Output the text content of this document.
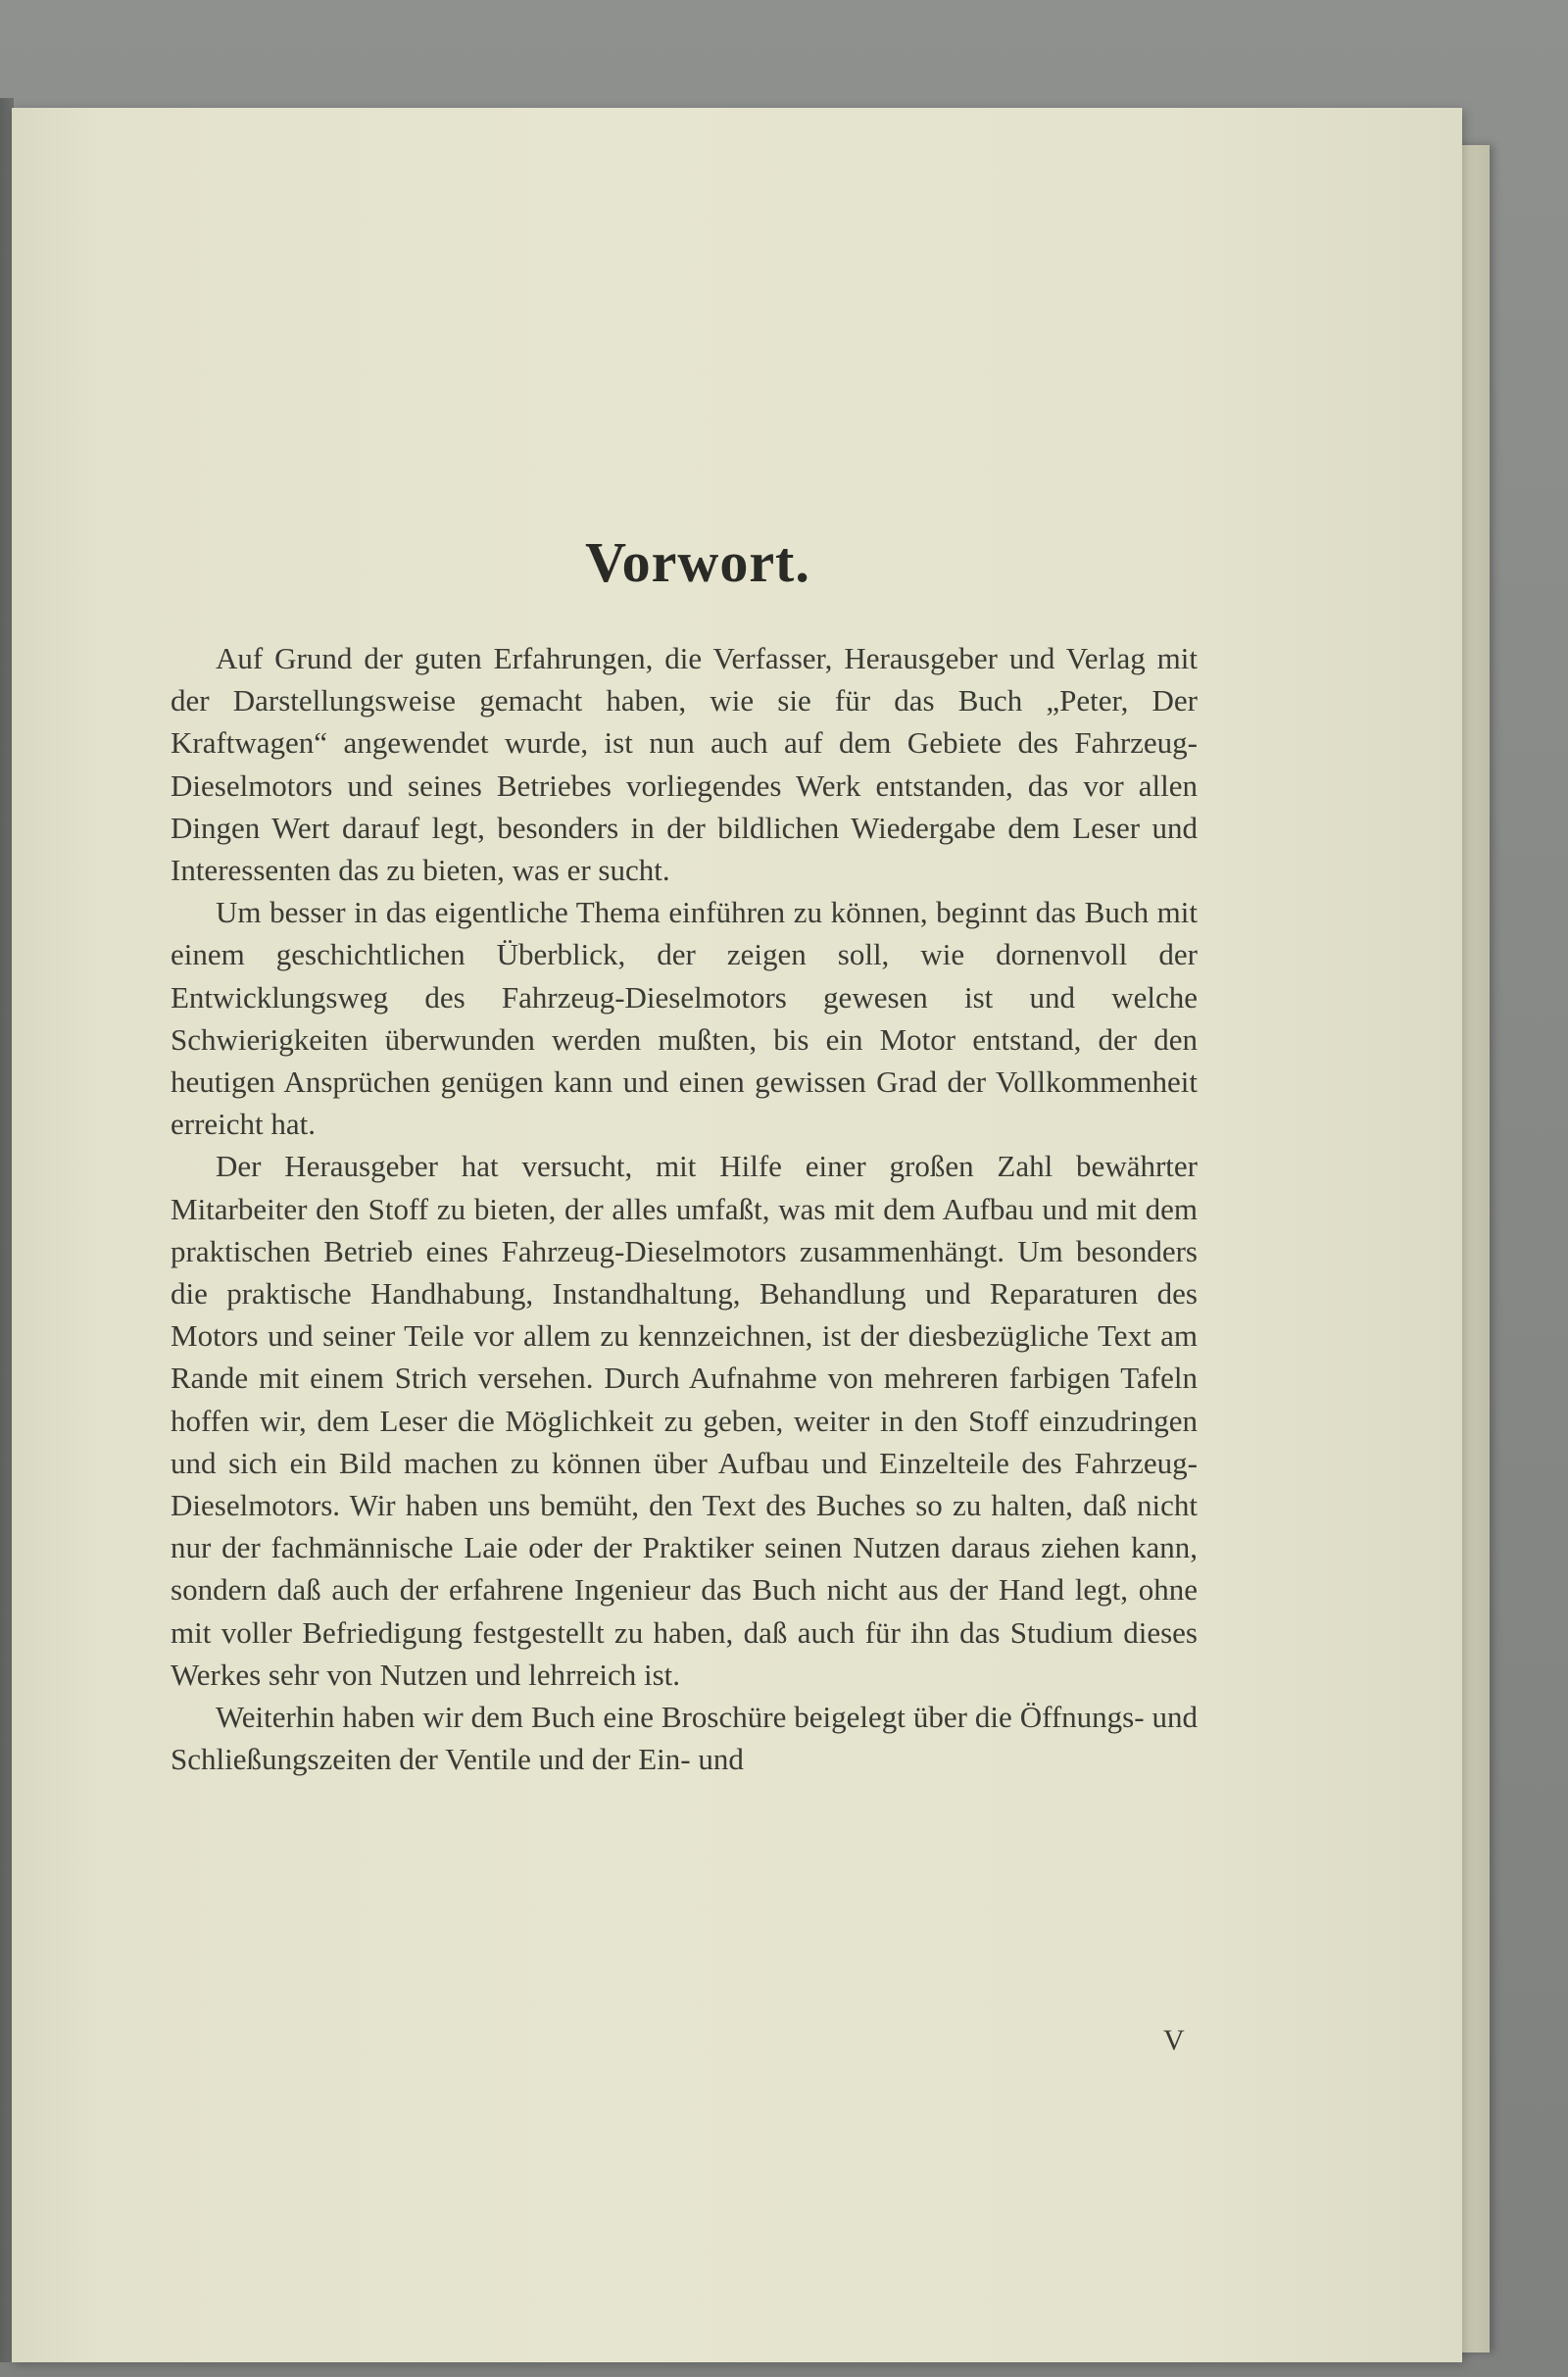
Vorwort.

Auf Grund der guten Erfahrungen, die Verfasser, Herausgeber und Verlag mit der Darstellungsweise gemacht haben, wie sie für das Buch „Peter, Der Kraftwagen“ angewendet wurde, ist nun auch auf dem Gebiete des Fahrzeug-Dieselmotors und seines Betriebes vorliegendes Werk entstanden, das vor allen Dingen Wert darauf legt, besonders in der bildlichen Wiedergabe dem Leser und Interessenten das zu bieten, was er sucht.

Um besser in das eigentliche Thema einführen zu können, beginnt das Buch mit einem geschichtlichen Überblick, der zeigen soll, wie dornenvoll der Entwicklungsweg des Fahrzeug-Dieselmotors gewesen ist und welche Schwierigkeiten überwunden werden mußten, bis ein Motor entstand, der den heutigen Ansprüchen genügen kann und einen gewissen Grad der Vollkommenheit erreicht hat.

Der Herausgeber hat versucht, mit Hilfe einer großen Zahl bewährter Mitarbeiter den Stoff zu bieten, der alles umfaßt, was mit dem Aufbau und mit dem praktischen Betrieb eines Fahrzeug-Dieselmotors zusammenhängt. Um besonders die praktische Handhabung, Instandhaltung, Behandlung und Reparaturen des Motors und seiner Teile vor allem zu kennzeichnen, ist der diesbezügliche Text am Rande mit einem Strich versehen. Durch Aufnahme von mehreren farbigen Tafeln hoffen wir, dem Leser die Möglichkeit zu geben, weiter in den Stoff einzudringen und sich ein Bild machen zu können über Aufbau und Einzelteile des Fahrzeug-Dieselmotors. Wir haben uns bemüht, den Text des Buches so zu halten, daß nicht nur der fachmännische Laie oder der Praktiker seinen Nutzen daraus ziehen kann, sondern daß auch der erfahrene Ingenieur das Buch nicht aus der Hand legt, ohne mit voller Befriedigung festgestellt zu haben, daß auch für ihn das Studium dieses Werkes sehr von Nutzen und lehrreich ist.

Weiterhin haben wir dem Buch eine Broschüre beigelegt über die Öffnungs- und Schließungszeiten der Ventile und der Ein- und

V
